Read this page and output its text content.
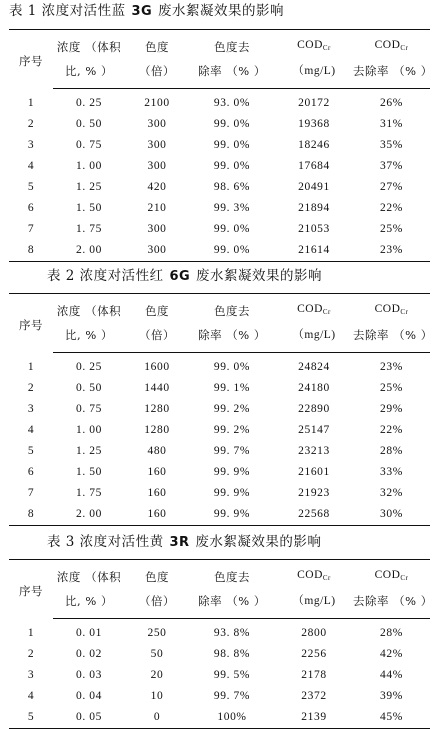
表 1 浓度对活性蓝 3G 废水絮凝效果的影响
序号	浓度 （体积	色度	色度去	$COD_{Cr}$	$COD_{Cr}$
	比, % ）	（倍）	除率 （% ）	（mg/L)	去除率 （% ）
1	0. 25	2100	93. 0%	20172	26%
2	0. 50	300	99. 0%	19368	31%
3	0. 75	300	99. 0%	18246	35%
4	1. 00	300	99. 0%	17684	37%
5	1. 25	420	98. 6%	20491	27%
6	1. 50	210	99. 3%	21894	22%
7	1. 75	300	99. 0%	21053	25%
8	2. 00	300	99. 0%	21614	23%
表 2 浓度对活性红 6G 废水絮凝效果的影响
序号	浓度 （体积	色度	色度去	$COD_{Cr}$	$COD_{Cr}$
	比, % ）	（倍）	除率 （% ）	（mg/L)	去除率 （% ）
1	0. 25	1600	99. 0%	24824	23%
2	0. 50	1440	99. 1%	24180	25%
3	0. 75	1280	99. 2%	22890	29%
4	1. 00	1280	99. 2%	25147	22%
5	1. 25	480	99. 7%	23213	28%
6	1. 50	160	99. 9%	21601	33%
7	1. 75	160	99. 9%	21923	32%
8	2. 00	160	99. 9%	22568	30%
表 3 浓度对活性黄 3R 废水絮凝效果的影响
序号	浓度 （体积	色度	色度去	$COD_{Cr}$	$COD_{Cr}$
	比, % ）	（倍）	除率 （% ）	（mg/L)	去除率 （% ）
1	0. 01	250	93. 8%	2800	28%
2	0. 02	50	98. 8%	2256	42%
3	0. 03	20	99. 5%	2178	44%
4	0. 04	10	99. 7%	2372	39%
5	0. 05	0	100%	2139	45%
